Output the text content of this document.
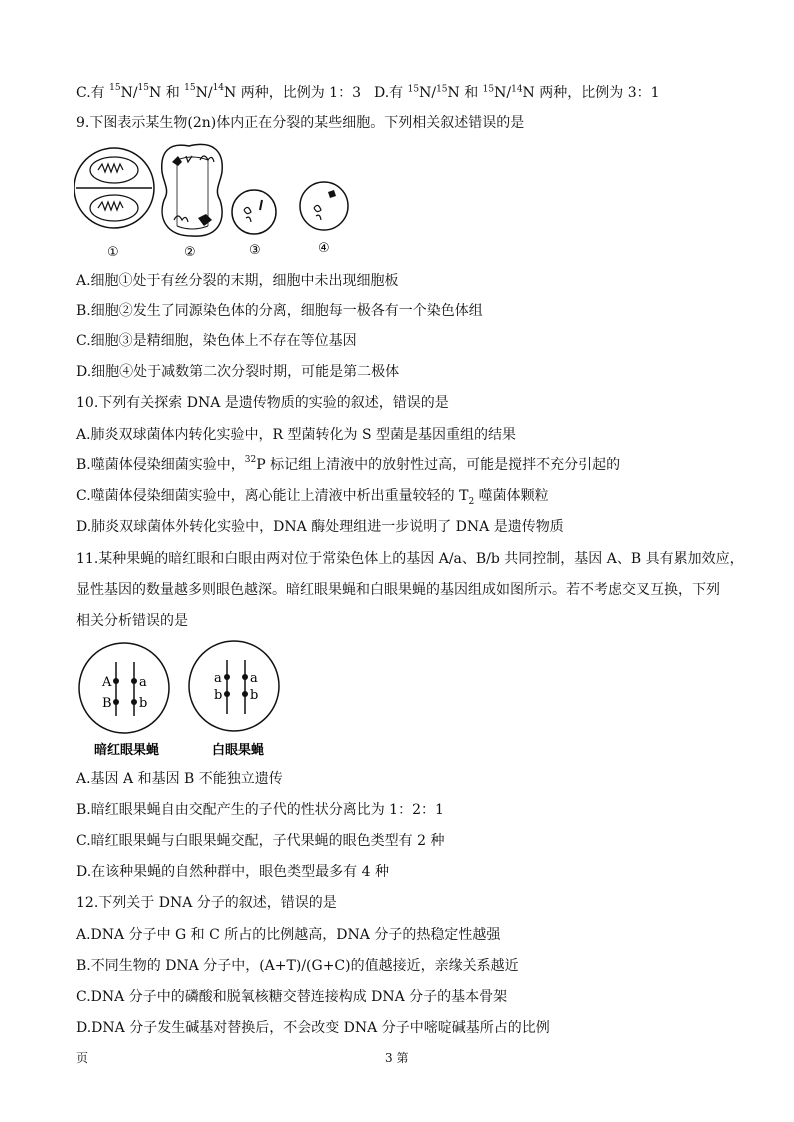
C.有 $^{15}$N/$^{15}$N 和 $^{15}$N/$^{14}$N 两种，比例为 1：3 D.有 $^{15}$N/$^{15}$N 和 $^{15}$N/$^{14}$N 两种，比例为 3：1
9.下图表示某生物(2n)体内正在分裂的某些细胞。下列相关叙述错误的是
①	②	③	④
A.细胞①处于有丝分裂的末期，细胞中未出现细胞板
B.细胞②发生了同源染色体的分离，细胞每一极各有一个染色体组
C.细胞③是精细胞，染色体上不存在等位基因
D.细胞④处于减数第二次分裂时期，可能是第二极体
10.下列有关探索 DNA 是遗传物质的实验的叙述，错误的是
A.肺炎双球菌体内转化实验中，R 型菌转化为 S 型菌是基因重组的结果
B.噬菌体侵染细菌实验中，$^{32}$P 标记组上清液中的放射性过高，可能是搅拌不充分引起的
C.噬菌体侵染细菌实验中，离心能让上清液中析出重量较轻的 $T_2$ 噬菌体颗粒
D.肺炎双球菌体外转化实验中，DNA 酶处理组进一步说明了 DNA 是遗传物质
11.某种果蝇的暗红眼和白眼由两对位于常染色体上的基因 A/a、B/b 共同控制，基因 A、B 具有累加效应，
显性基因的数量越多则眼色越深。暗红眼果蝇和白眼果蝇的基因组成如图所示。若不考虑交叉互换，下列
相关分析错误的是
A
B
a
b
a
b
a
b
暗红眼果蝇	白眼果蝇
A.基因 A 和基因 B 不能独立遗传
B.暗红眼果蝇自由交配产生的子代的性状分离比为 1：2：1
C.暗红眼果蝇与白眼果蝇交配，子代果蝇的眼色类型有 2 种
D.在该种果蝇的自然种群中，眼色类型最多有 4 种
12.下列关于 DNA 分子的叙述，错误的是
A.DNA 分子中 G 和 C 所占的比例越高，DNA 分子的热稳定性越强
B.不同生物的 DNA 分子中，(A+T)/(G+C)的值越接近，亲缘关系越近
C.DNA 分子中的磷酸和脱氧核糖交替连接构成 DNA 分子的基本骨架
D.DNA 分子发生碱基对替换后，不会改变 DNA 分子中嘧啶碱基所占的比例
页	3 第
